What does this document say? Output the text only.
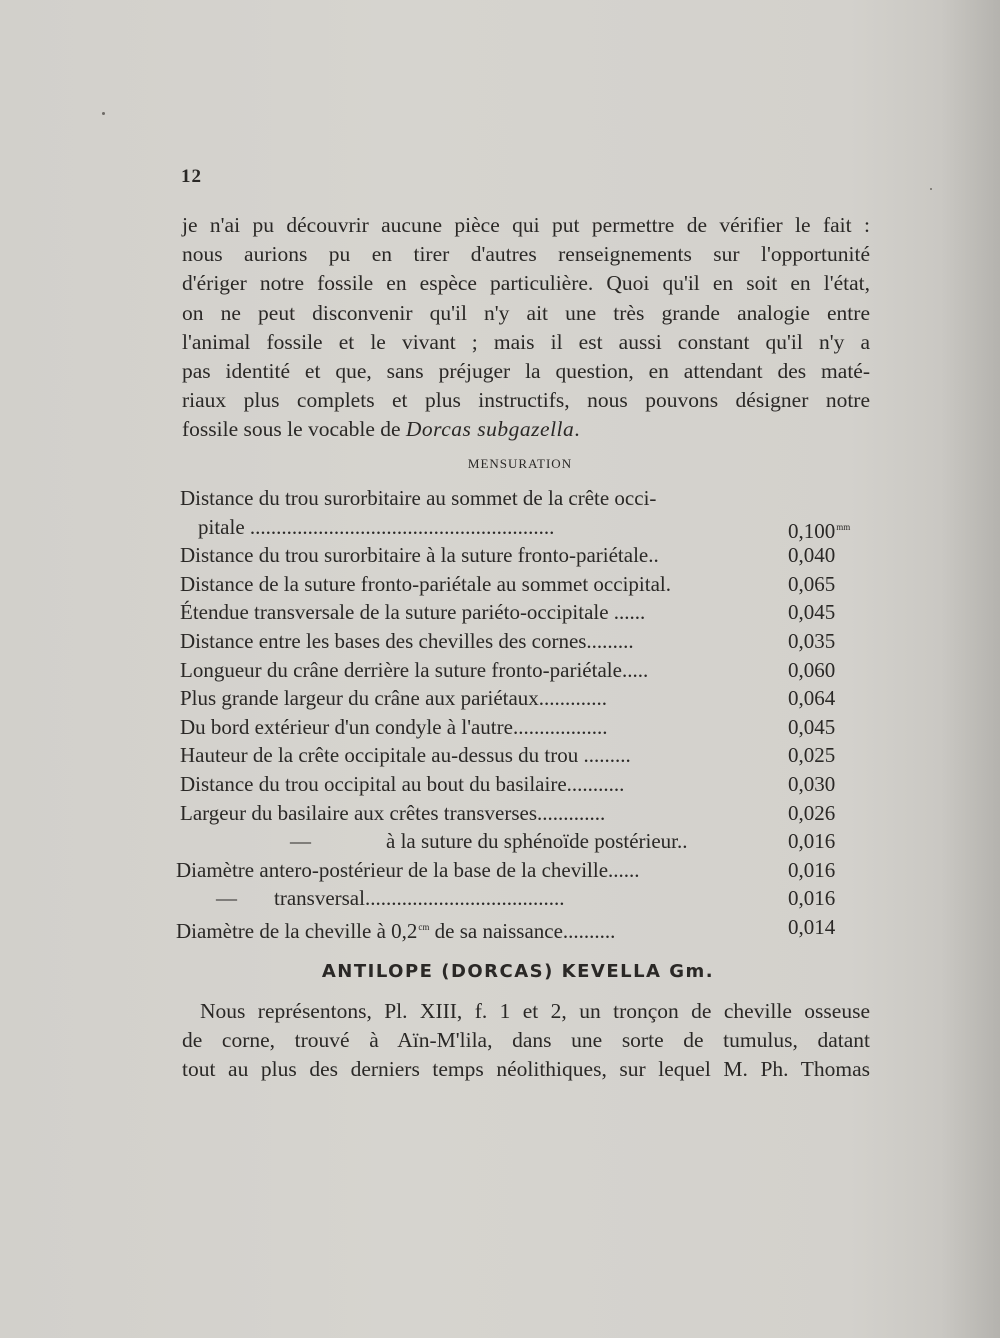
12
je n'ai pu découvrir aucune pièce qui put permettre de vérifier le fait :
nous aurions pu en tirer d'autres renseignements sur l'opportunité
d'ériger notre fossile en espèce particulière. Quoi qu'il en soit en l'état,
on ne peut disconvenir qu'il n'y ait une très grande analogie entre
l'animal fossile et le vivant ; mais il est aussi constant qu'il n'y a
pas identité et que, sans préjuger la question, en attendant des maté-
riaux plus complets et plus instructifs, nous pouvons désigner notre
fossile sous le vocable de Dorcas subgazella.
MENSURATION
Distance du trou surorbitaire au sommet de la crête occi-
pitale ..........................................................	$0,100^{mm}$
Distance du trou surorbitaire à la suture fronto-pariétale..	0,040
Distance de la suture fronto-pariétale au sommet occipital.	0,065
Étendue transversale de la suture pariéto-occipitale ......	0,045
Distance entre les bases des chevilles des cornes.........	0,035
Longueur du crâne derrière la suture fronto-pariétale.....	0,060
Plus grande largeur du crâne aux pariétaux.............	0,064
Du bord extérieur d'un condyle à l'autre..................	0,045
Hauteur de la crête occipitale au-dessus du trou .........	0,025
Distance du trou occipital au bout du basilaire...........	0,030
Largeur du basilaire aux crêtes transverses.............	0,026
—	à la suture du sphénoïde postérieur..	0,016
Diamètre antero-postérieur de la base de la cheville......	0,016
— transversal......................................	0,016
Diamètre de la cheville à $0,2^{cm}$ de sa naissance..........	0,014
ANTILOPE (DORCAS) KEVELLA Gm.
Nous représentons, Pl. XIII, f. 1 et 2, un tronçon de cheville osseuse
de corne, trouvé à Aïn-M'lila, dans une sorte de tumulus, datant
tout au plus des derniers temps néolithiques, sur lequel M. Ph. Thomas
